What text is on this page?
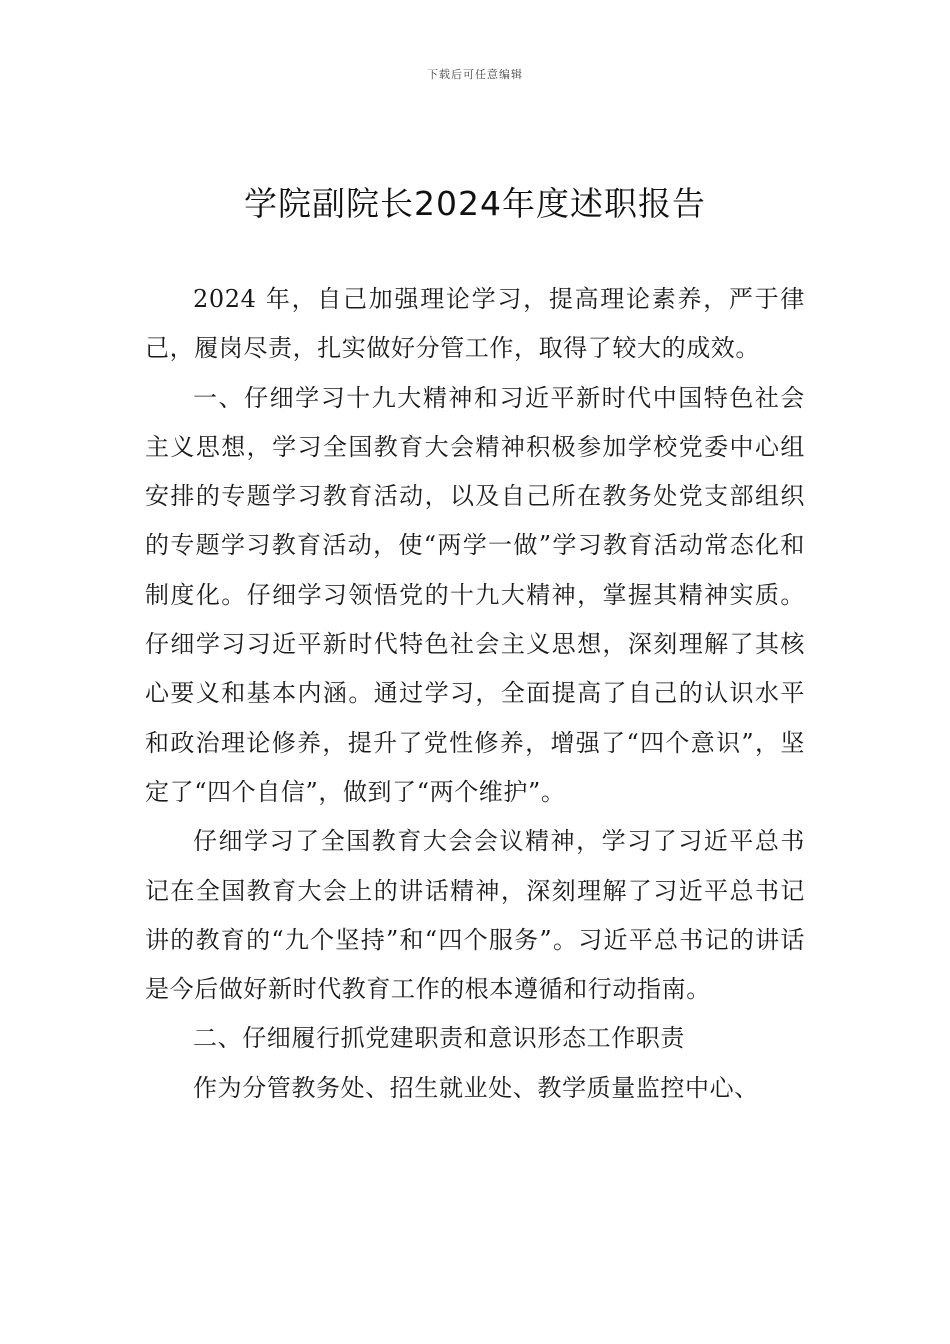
下载后可任意编辑
学院副院长2024年度述职报告

2024 年，自己加强理论学习，提高理论素养，严于律己，履岗尽责，扎实做好分管工作，取得了较大的成效。

一、仔细学习十九大精神和习近平新时代中国特色社会主义思想，学习全国教育大会精神积极参加学校党委中心组安排的专题学习教育活动，以及自己所在教务处党支部组织的专题学习教育活动，使“两学一做”学习教育活动常态化和制度化。仔细学习领悟党的十九大精神，掌握其精神实质。仔细学习习近平新时代特色社会主义思想，深刻理解了其核心要义和基本内涵。通过学习，全面提高了自己的认识水平和政治理论修养，提升了党性修养，增强了“四个意识”，坚定了“四个自信”，做到了“两个维护”。

仔细学习了全国教育大会会议精神，学习了习近平总书记在全国教育大会上的讲话精神，深刻理解了习近平总书记讲的教育的“九个坚持”和“四个服务”。习近平总书记的讲话是今后做好新时代教育工作的根本遵循和行动指南。

二、仔细履行抓党建职责和意识形态工作职责

作为分管教务处、招生就业处、教学质量监控中心、
